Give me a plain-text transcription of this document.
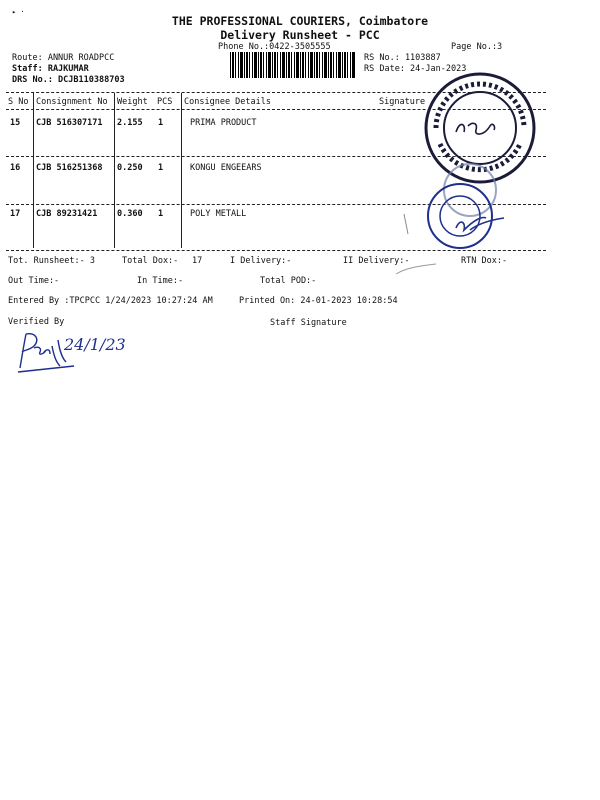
THE PROFESSIONAL COURIERS, Coimbatore
Delivery Runsheet - PCC
Phone No.:0422-3505555	Page No.:3
▸ ·
Route: ANNUR ROADPCC
Staff: RAJKUMAR
DRS No.: DCJB110388703
RS No.: 1103887
RS Date: 24-Jan-2023
S No Consignment No Weight PCS Consignee Details	Signature
15 CJB 516307171 2.155 1	PRIMA PRODUCT
16 CJB 516251368 0.250 1	KONGU ENGEEARS
17 CJB 89231421 0.360 1	POLY METALL
Tot. Runsheet:- 3	Total Dox:- 17	I Delivery:-	II Delivery:-	RTN Dox:-
Out Time:-	In Time:-	Total POD:-
Entered By :TPCPCC 1/24/2023 10:27:24 AM	Printed On: 24-01-2023 10:28:54
Verified By	Staff Signature
24/1/23
